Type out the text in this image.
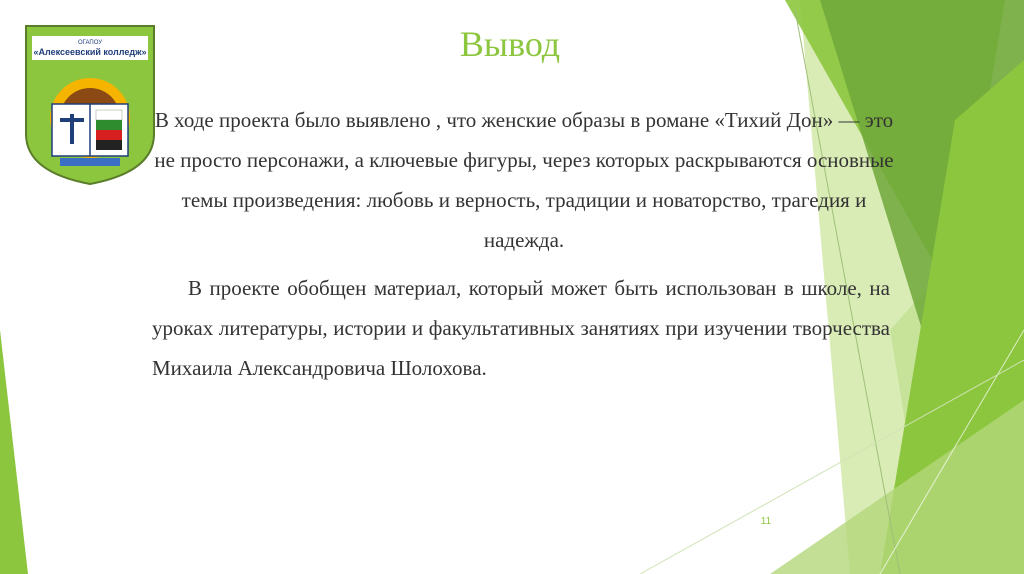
ОГАПОУ
«Алексеевский колледж»	Вывод

В ходе проекта было выявлено , что женские образы в романе «Тихий Дон» — это не просто персонажи, а ключевые фигуры, через которых раскрываются основные темы произведения: любовь и верность, традиции и новаторство, трагедия и надежда.

В проекте обобщен материал, который может быть использован в школе, на уроках литературы, истории и факультативных занятиях при изучении творчества Михаила Александровича Шолохова.

11
